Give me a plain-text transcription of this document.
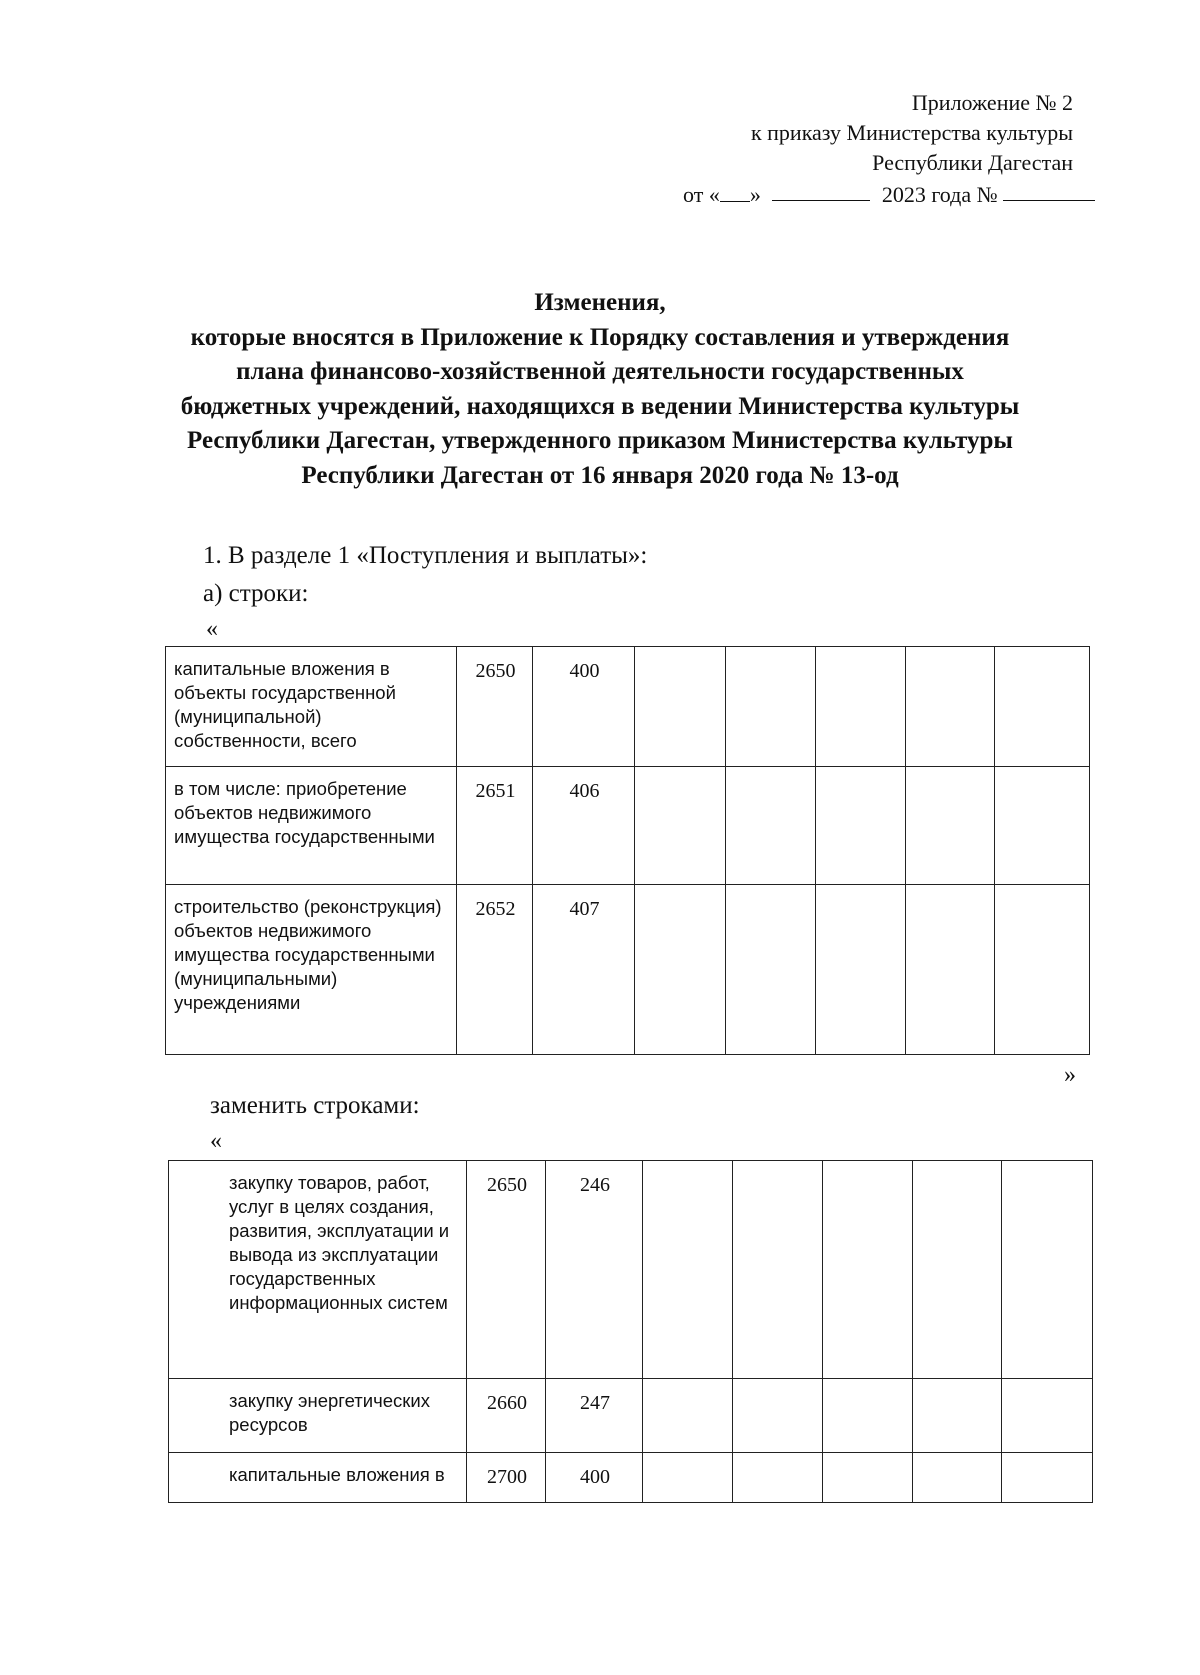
Приложение № 2
к приказу Министерства культуры
Республики Дагестан
от « »	2023 года №
Изменения,
которые вносятся в Приложение к Порядку составления и утверждения
плана финансово-хозяйственной деятельности государственных
бюджетных учреждений, находящихся в ведении Министерства культуры
Республики Дагестан, утвержденного приказом Министерства культуры
Республики Дагестан от 16 января 2020 года № 13-од
1. В разделе 1 «Поступления и выплаты»:
а) строки:
«
капитальные вложения в объекты государственной (муниципальной) собственности, всего	2650	400					
в том числе: приобретение объектов недвижимого имущества государственными	2651	406					
строительство (реконструкция) объектов недвижимого имущества государственными (муниципальными) учреждениями	2652	407					
»
заменить строками:
«
закупку товаров, работ, услуг в целях создания, развития, эксплуатации и вывода из эксплуатации государственных информационных систем	2650	246					
закупку энергетических ресурсов	2660	247					
капитальные вложения в	2700	400					
